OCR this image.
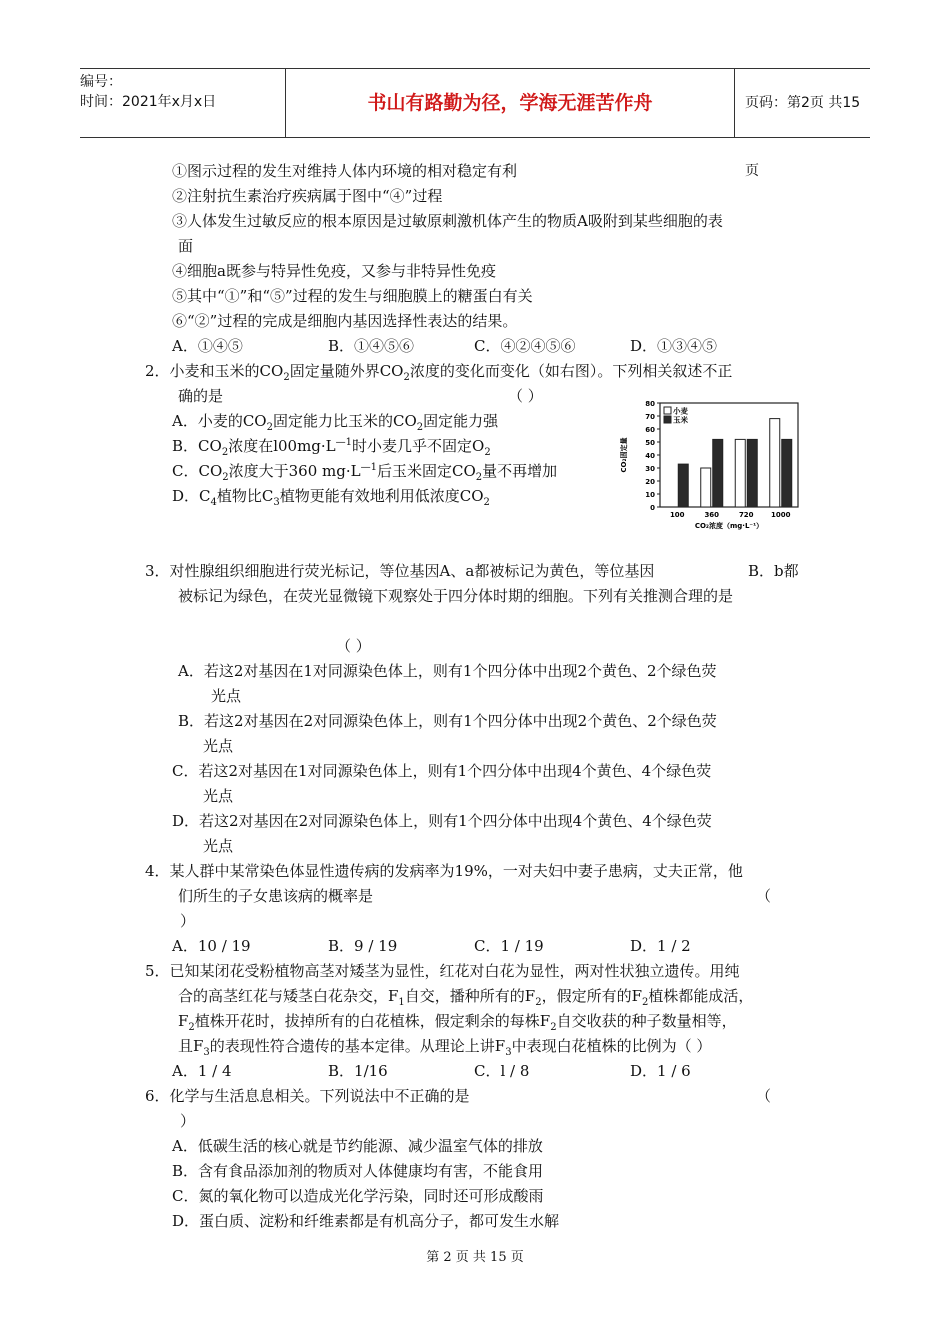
编号：
时间：2021年x月x日	书山有路勤为径，学海无涯苦作舟	页码：第2页 共15页
①图示过程的发生对维持人体内环境的相对稳定有利
②注射抗生素治疗疾病属于图中“④”过程
③人体发生过敏反应的根本原因是过敏原刺激机体产生的物质A吸附到某些细胞的表
面
④细胞a既参与特异性免疫，又参与非特异性免疫
⑤其中“①”和“⑤”过程的发生与细胞膜上的糖蛋白有关
⑥“②”过程的完成是细胞内基因选择性表达的结果。
A．①④⑤	B．①④⑤⑥	C．④②④⑤⑥	D．①③④⑤
2．小麦和玉米的$CO_2$固定量随外界$CO_2$浓度的变化而变化（如右图）。下列相关叙述不正
确的是	（ ）
A．小麦的$CO_2$固定能力比玉米的$CO_2$固定能力强
B．$CO_2$浓度在$l00mg\cdot L^{—1}$时小麦几乎不固定$O_2$
C．$CO_2$浓度大于360 $mg\cdot L^{—1}$后玉米固定$CO_2$量不再增加
D．$C_4$植物比$C_3$植物更能有效地利用低浓度$CO_2$	0
10
20
30
40
50
60
70
80
100	360	720 1000
小麦
玉米
CO₂浓度（mg·L⁻¹）
CO₂固定量
3．对性腺组织细胞进行荧光标记，等位基因A、a都被标记为黄色，等位基因	B．b都
被标记为绿色，在荧光显微镜下观察处于四分体时期的细胞。下列有关推测合理的是
（ ）
A．若这2对基因在1对同源染色体上，则有1个四分体中出现2个黄色、2个绿色荧
光点
B．若这2对基因在2对同源染色体上，则有1个四分体中出现2个黄色、2个绿色荧
光点
C．若这2对基因在1对同源染色体上，则有1个四分体中出现4个黄色、4个绿色荧
光点
D．若这2对基因在2对同源染色体上，则有1个四分体中出现4个黄色、4个绿色荧
光点
4．某人群中某常染色体显性遗传病的发病率为19%，一对夫妇中妻子患病，丈夫正常，他
们所生的子女患该病的概率是	（
）
A．10 / 19	B．9 / 19	C．1 / 19	D．1 / 2
5．已知某闭花受粉植物高茎对矮茎为显性，红花对白花为显性，两对性状独立遗传。用纯
合的高茎红花与矮茎白花杂交，$F_1$自交，播种所有的$F_2$，假定所有的$F_2$植株都能成活，
$F_2$植株开花时，拔掉所有的白花植株，假定剩余的每株$F_2$自交收获的种子数量相等，
且$F_3$的表现性符合遗传的基本定律。从理论上讲$F_3$中表现白花植株的比例为（ ）
A．1 / 4	B．1/16	C．l / 8	D．1 / 6
6．化学与生活息息相关。下列说法中不正确的是	（
）
A．低碳生活的核心就是节约能源、减少温室气体的排放
B．含有食品添加剂的物质对人体健康均有害，不能食用
C．氮的氧化物可以造成光化学污染，同时还可形成酸雨
D．蛋白质、淀粉和纤维素都是有机高分子，都可发生水解
第 2 页 共 15 页
